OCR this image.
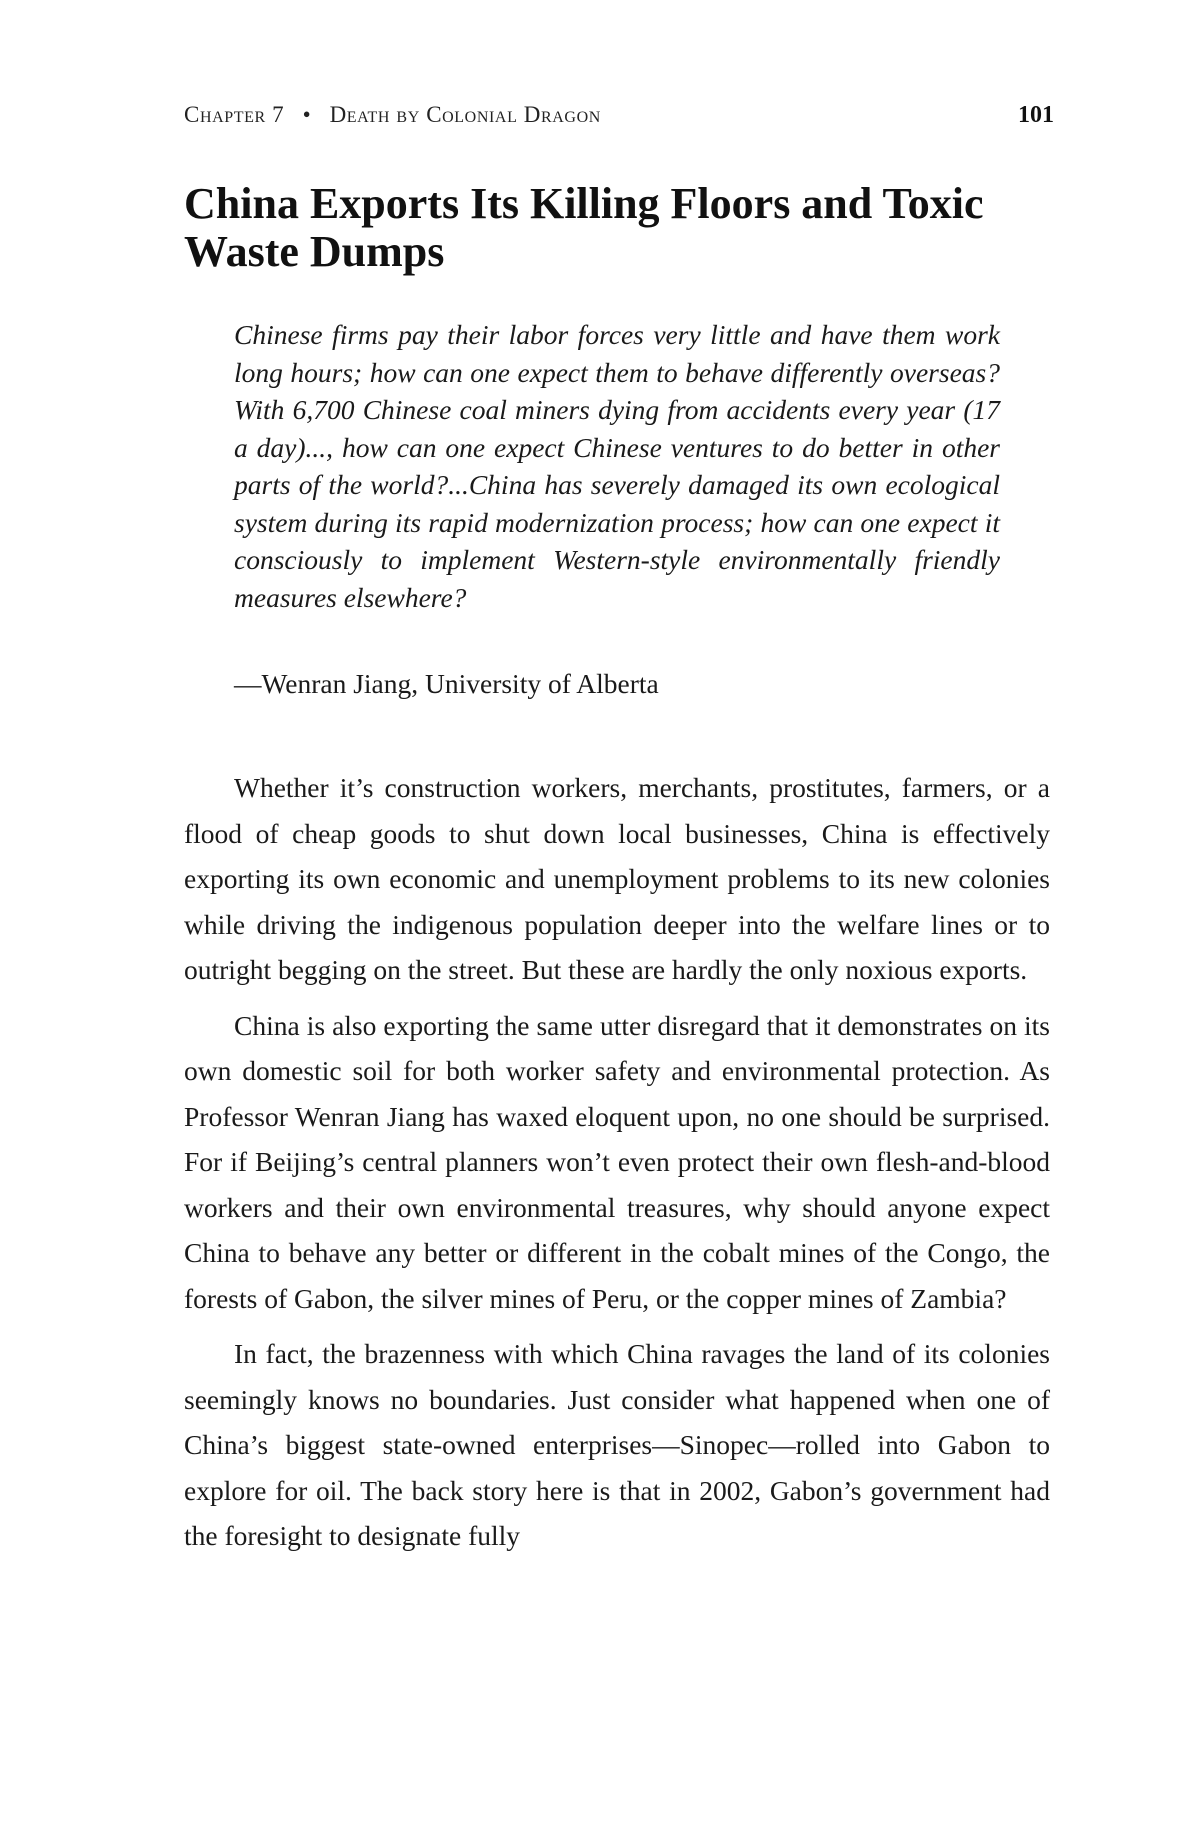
Chapter 7 • Death by Colonial Dragon	101
China Exports Its Killing Floors and Toxic Waste Dumps

Chinese firms pay their labor forces very little and have them work long hours; how can one expect them to behave differently overseas? With 6,700 Chinese coal miners dying from accidents every year (17 a day)..., how can one expect Chinese ventures to do better in other parts of the world?...China has severely damaged its own ecological system during its rapid modernization process; how can one expect it consciously to implement Western-style environmentally friendly measures elsewhere?

—Wenran Jiang, University of Alberta

Whether it’s construction workers, merchants, prostitutes, farmers, or a flood of cheap goods to shut down local businesses, China is effectively exporting its own economic and unemployment problems to its new colonies while driving the indigenous population deeper into the welfare lines or to outright begging on the street. But these are hardly the only noxious exports.

China is also exporting the same utter disregard that it demonstrates on its own domestic soil for both worker safety and environmental protection. As Professor Wenran Jiang has waxed eloquent upon, no one should be surprised. For if Beijing’s central planners won’t even protect their own flesh-and-blood workers and their own environmental treasures, why should anyone expect China to behave any better or different in the cobalt mines of the Congo, the forests of Gabon, the silver mines of Peru, or the copper mines of Zambia?

In fact, the brazenness with which China ravages the land of its colonies seemingly knows no boundaries. Just consider what happened when one of China’s biggest state-owned enterprises—Sinopec—rolled into Gabon to explore for oil. The back story here is that in 2002, Gabon’s government had the foresight to designate fully
